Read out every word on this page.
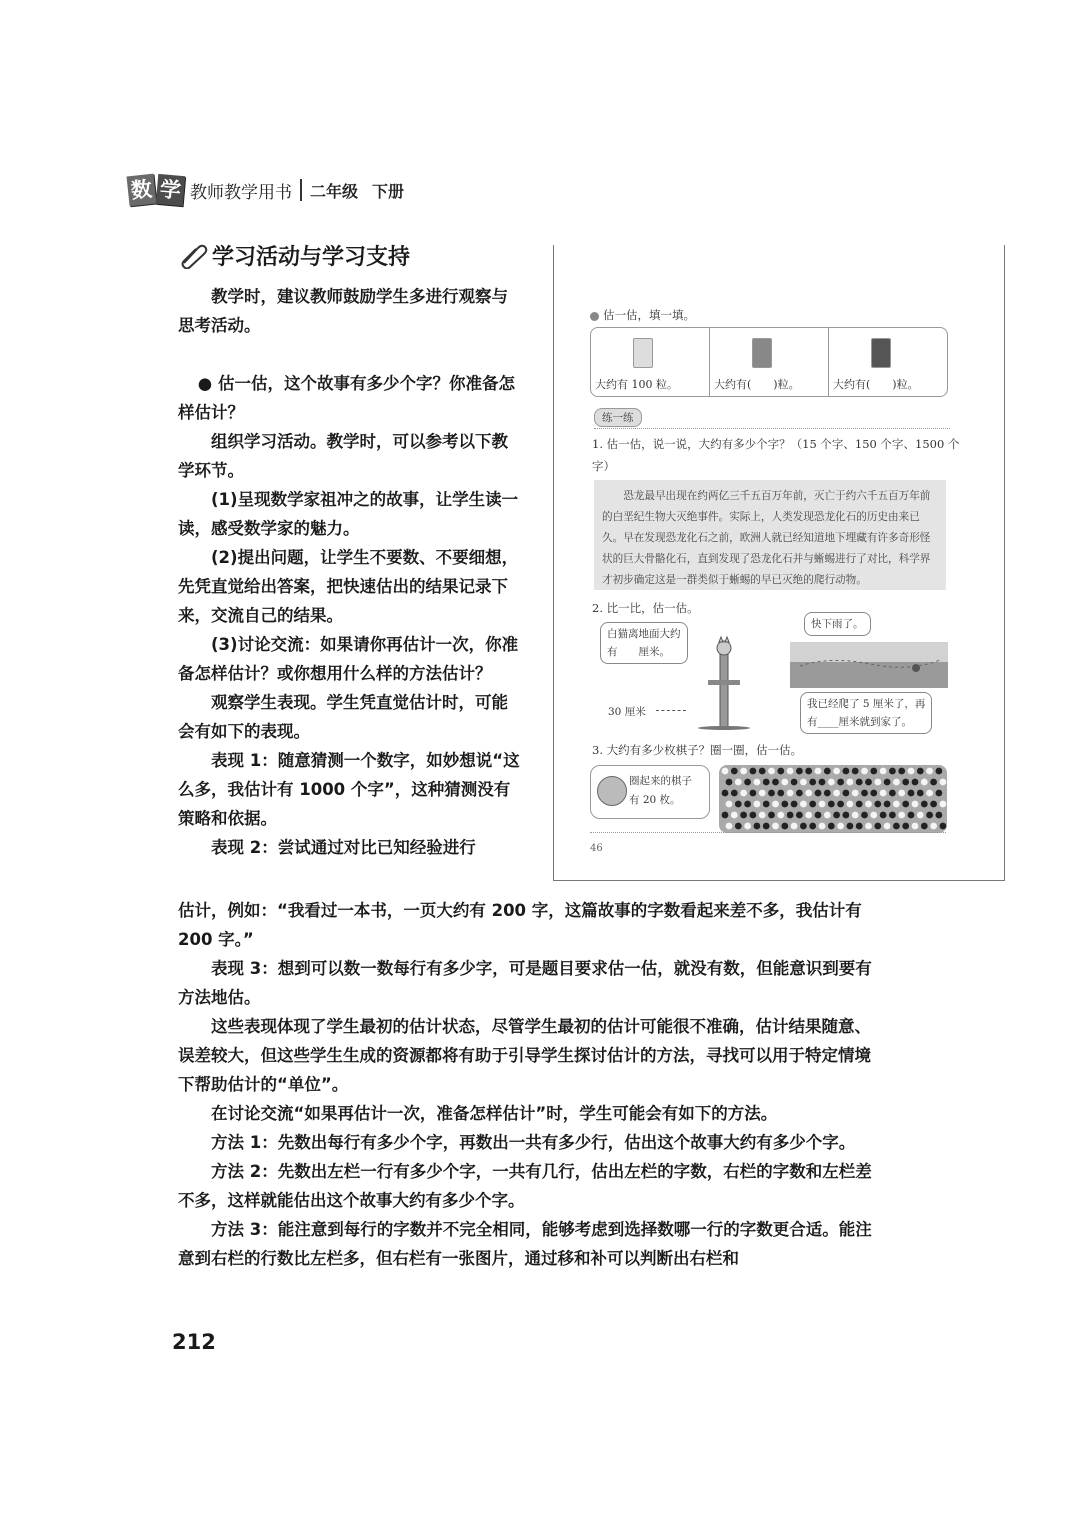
数 学 教师教学用书 二年级 下册
学习活动与学习支持

教学时，建议教师鼓励学生多进行观察与思考活动。

● 估一估，这个故事有多少个字？你准备怎样估计？

组织学习活动。教学时，可以参考以下教学环节。

(1)呈现数学家祖冲之的故事，让学生读一读，感受数学家的魅力。

(2)提出问题，让学生不要数、不要细想，先凭直觉给出答案，把快速估出的结果记录下来，交流自己的结果。

(3)讨论交流：如果请你再估计一次，你准备怎样估计？或你想用什么样的方法估计？

观察学生表现。学生凭直觉估计时，可能会有如下的表现。

表现 1：随意猜测一个数字，如妙想说“这么多，我估计有 1000 个字”，这种猜测没有策略和依据。

表现 2：尝试通过对比已知经验进行

估计，例如：“我看过一本书，一页大约有 200 字，这篇故事的字数看起来差不多，我估计有 200 字。”

表现 3：想到可以数一数每行有多少字，可是题目要求估一估，就没有数，但能意识到要有方法地估。

这些表现体现了学生最初的估计状态，尽管学生最初的估计可能很不准确，估计结果随意、误差较大，但这些学生生成的资源都将有助于引导学生探讨估计的方法，寻找可以用于特定情境下帮助估计的“单位”。

在讨论交流“如果再估计一次，准备怎样估计”时，学生可能会有如下的方法。

方法 1：先数出每行有多少个字，再数出一共有多少行，估出这个故事大约有多少个字。

方法 2：先数出左栏一行有多少个字，一共有几行，估出左栏的字数，右栏的字数和左栏差不多，这样就能估出这个故事大约有多少个字。

方法 3：能注意到每行的字数并不完全相同，能够考虑到选择数哪一行的字数更合适。能注意到右栏的行数比左栏多，但右栏有一张图片，通过移和补可以判断出右栏和

212
估一估，填一填。
大约有 100 粒。	大约有(　　)粒。	大约有(　　)粒。
练一练
1. 估一估，说一说，大约有多少个字？（15 个字、150 个字、1500 个字）

恐龙最早出现在约两亿三千五百万年前，灭亡于约六千五百万年前的白垩纪生物大灭绝事件。实际上，人类发现恐龙化石的历史由来已久。早在发现恐龙化石之前，欧洲人就已经知道地下埋藏有许多奇形怪状的巨大骨骼化石，直到发现了恐龙化石并与蜥蜴进行了对比，科学界才初步确定这是一群类似于蜥蜴的早已灭绝的爬行动物。

2. 比一比，估一估。
白猫离地面大约
有　　厘米。
30 厘米
快下雨了。
我已经爬了 5 厘米了，再
有____厘米就到家了。
3. 大约有多少枚棋子？圈一圈，估一估。
圈起来的棋子
有 20 枚。
46
